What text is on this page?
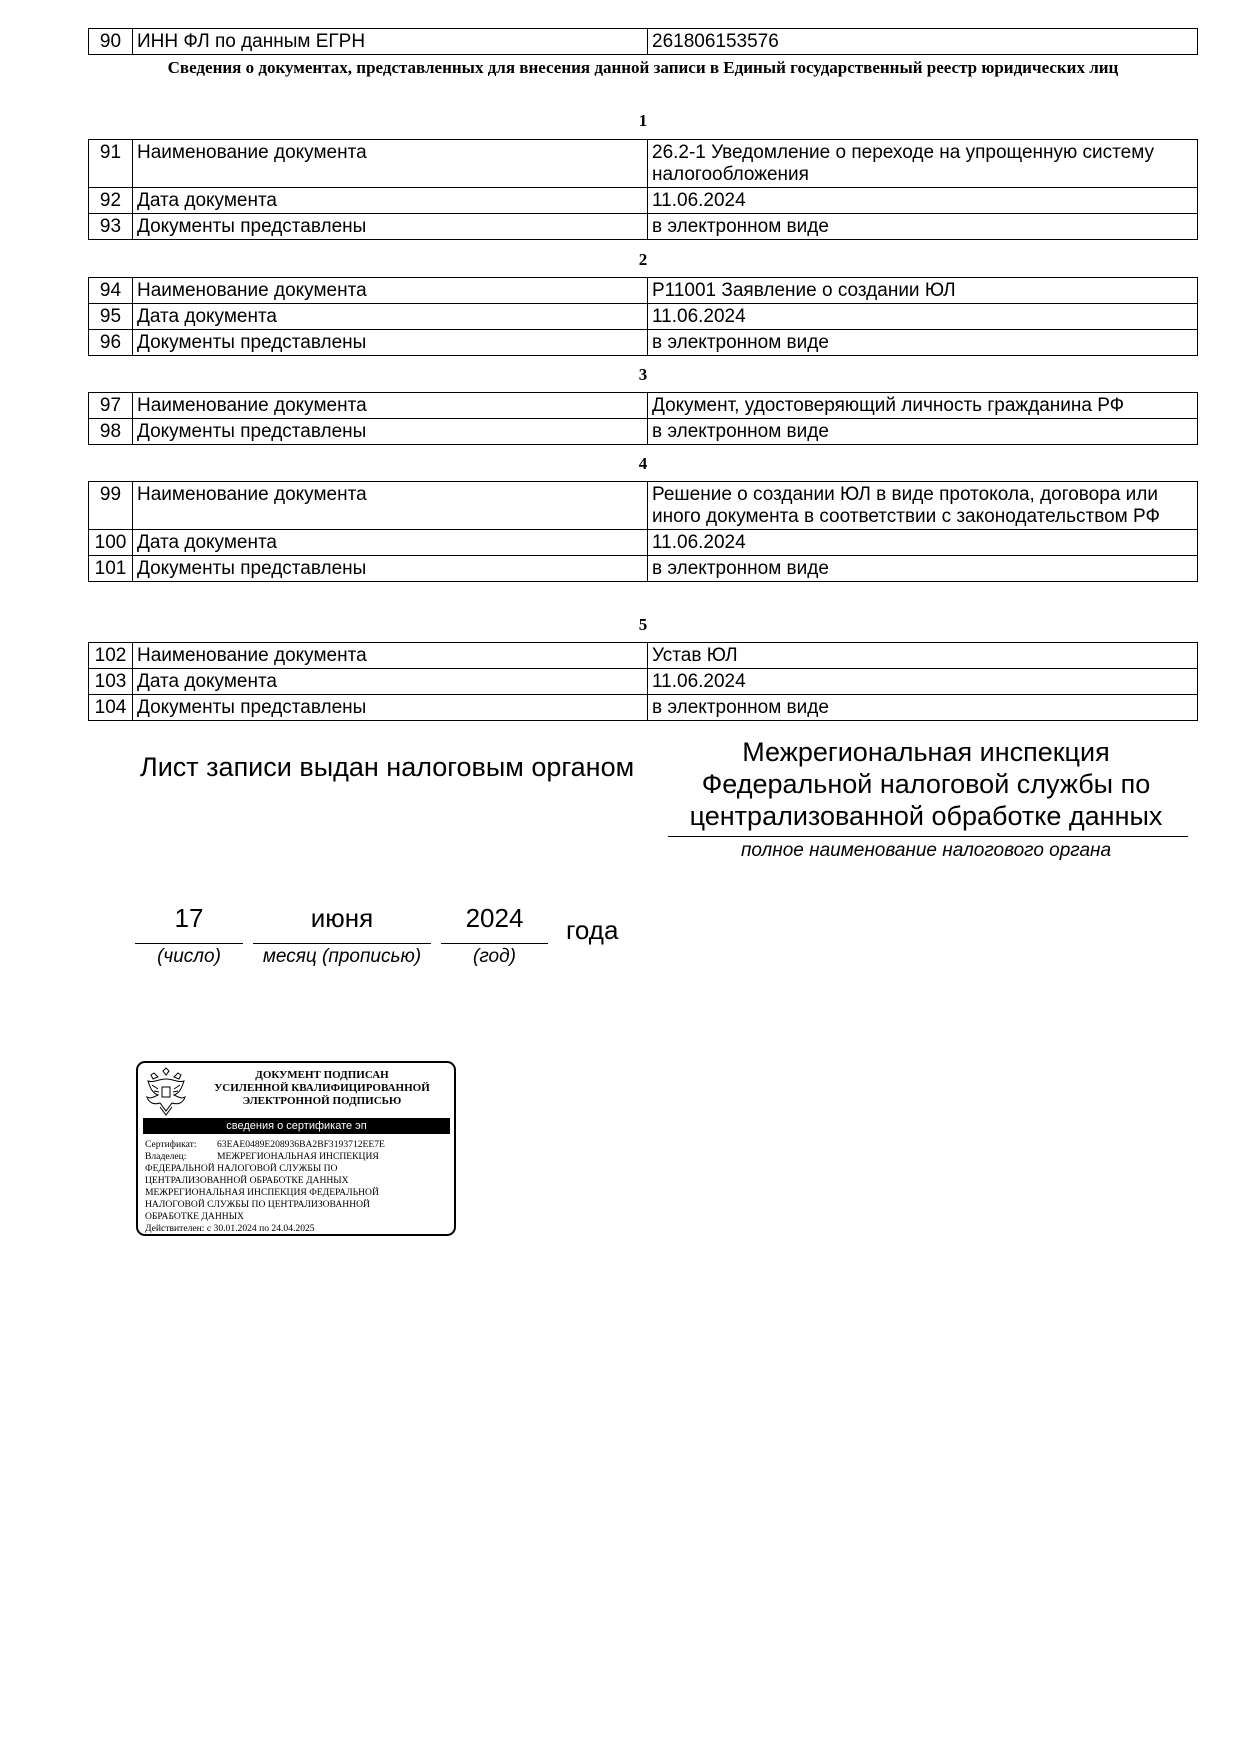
90	ИНН ФЛ по данным ЕГРН	261806153576
Сведения о документах, представленных для внесения данной записи в Единый государственный реестр юридических лиц
1
91	Наименование документа	26.2-1 Уведомление о переходе на упрощенную систему налогообложения
92	Дата документа	11.06.2024
93	Документы представлены	в электронном виде
2
94	Наименование документа	Р11001 Заявление о создании ЮЛ
95	Дата документа	11.06.2024
96	Документы представлены	в электронном виде
3
97	Наименование документа	Документ, удостоверяющий личность гражданина РФ
98	Документы представлены	в электронном виде
4
99	Наименование документа	Решение о создании ЮЛ в виде протокола, договора или иного документа в соответствии с законодательством РФ
100	Дата документа	11.06.2024
101	Документы представлены	в электронном виде
5
102	Наименование документа	Устав ЮЛ
103	Дата документа	11.06.2024
104	Документы представлены	в электронном виде
Лист записи выдан налоговым органом	Межрегиональная инспекция Федеральной налоговой службы по централизованной обработке данных
полное наименование налогового органа
17
(число)
июня
месяц (прописью)
2024
(год)
года
ДОКУМЕНТ ПОДПИСАН
УСИЛЕННОЙ КВАЛИФИЦИРОВАННОЙ
ЭЛЕКТРОННОЙ ПОДПИСЬЮ
сведения о сертификате эп
Сертификат: 63EAE0489E208936BA2BF3193712EE7E
Владелец:	МЕЖРЕГИОНАЛЬНАЯ ИНСПЕКЦИЯ
ФЕДЕРАЛЬНОЙ НАЛОГОВОЙ СЛУЖБЫ ПО
ЦЕНТРАЛИЗОВАННОЙ ОБРАБОТКЕ ДАННЫХ
МЕЖРЕГИОНАЛЬНАЯ ИНСПЕКЦИЯ ФЕДЕРАЛЬНОЙ
НАЛОГОВОЙ СЛУЖБЫ ПО ЦЕНТРАЛИЗОВАННОЙ
ОБРАБОТКЕ ДАННЫХ
Действителен: с 30.01.2024 по 24.04.2025
